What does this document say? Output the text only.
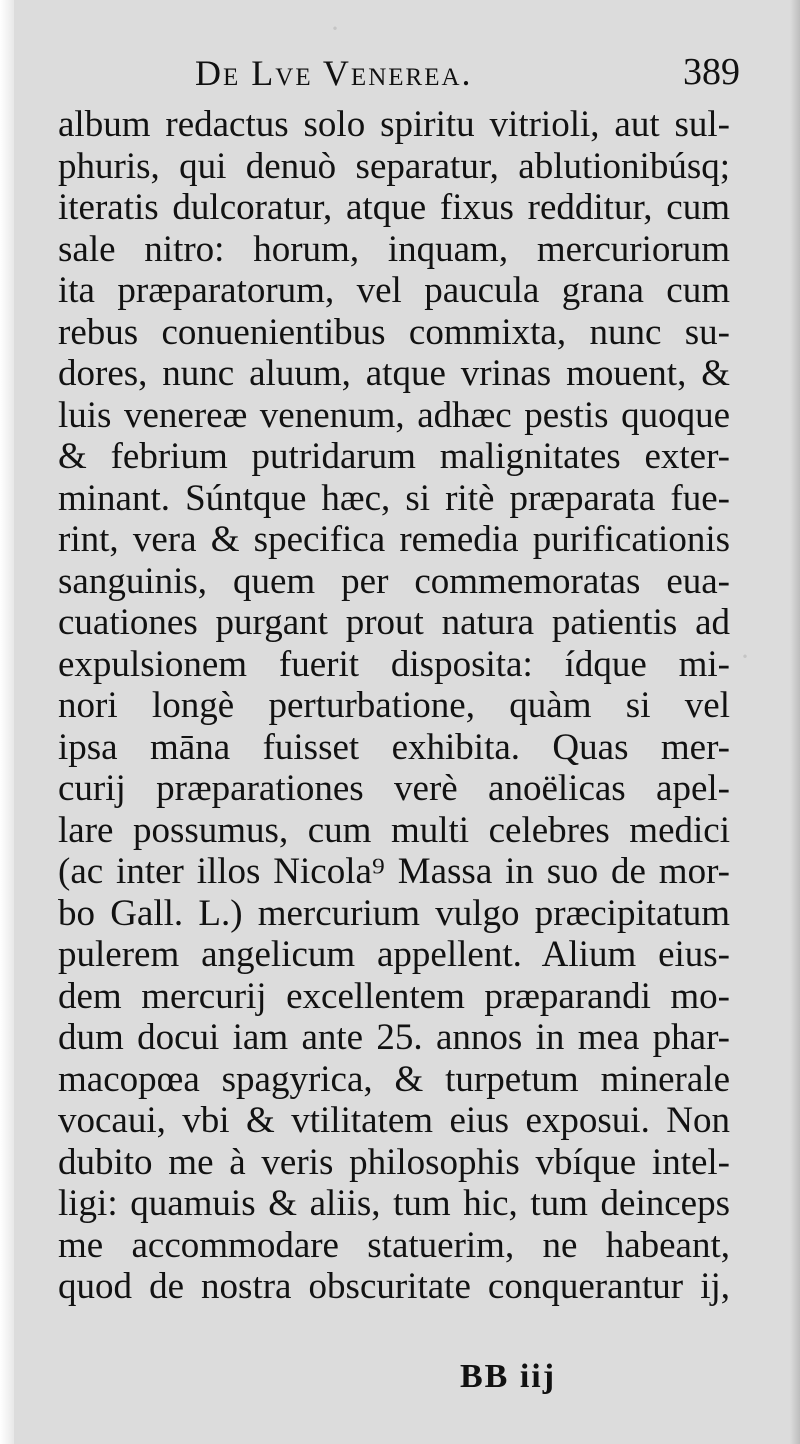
·
·
De Lve Venerea.	389
album redactus solo spiritu vitrioli, aut sul-
phuris, qui denuò separatur, ablutionibúsq;
iteratis dulcoratur, atque fixus redditur, cum
sale nitro: horum, inquam, mercuriorum
ita præparatorum, vel paucula grana cum
rebus conuenientibus commixta, nunc su-
dores, nunc aluum, atque vrinas mouent, &
luis venereæ venenum, adhæc pestis quoque
& febrium putridarum malignitates exter-
minant. Súntque hæc, si ritè præparata fue-
rint, vera & specifica remedia purificationis
sanguinis, quem per commemoratas eua-
cuationes purgant prout natura patientis ad
expulsionem fuerit disposita: ídque mi-
nori longè perturbatione, quàm si vel
ipsa māna fuisset exhibita. Quas mer-
curij præparationes verè anoëlicas apel-
lare possumus, cum multi celebres medici
(ac inter illos Nicola⁹ Massa in suo de mor-
bo Gall. L.) mercurium vulgo præcipitatum
pulerem angelicum appellent. Alium eius-
dem mercurij excellentem præparandi mo-
dum docui iam ante 25. annos in mea phar-
macopœa spagyrica, & turpetum minerale
vocaui, vbi & vtilitatem eius exposui. Non
dubito me à veris philosophis vbíque intel-
ligi: quamuis & aliis, tum hic, tum deinceps
me accommodare statuerim, ne habeant,
quod de nostra obscuritate conquerantur ij,
BB iij
